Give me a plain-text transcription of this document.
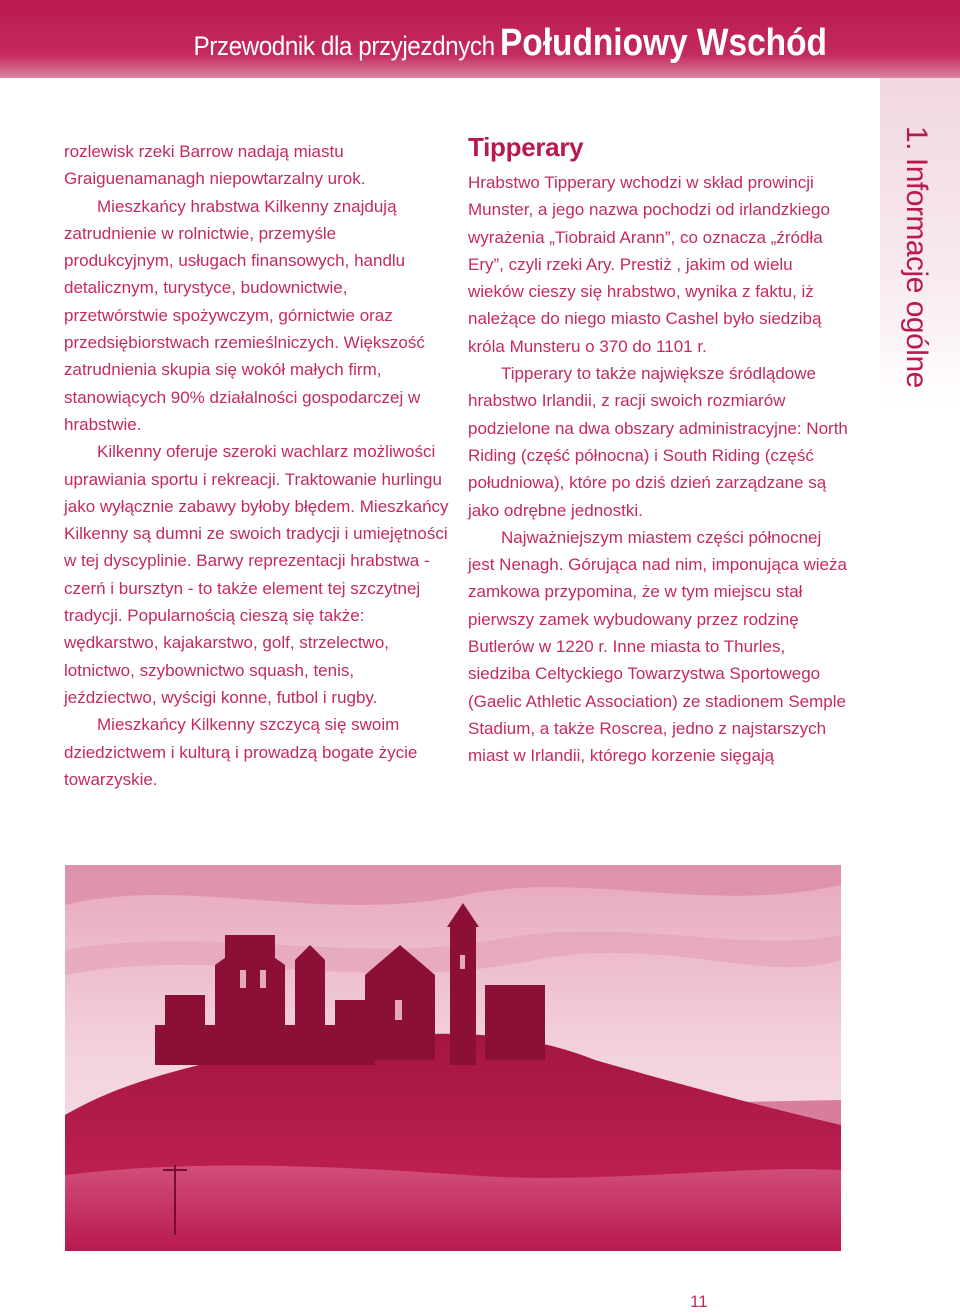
Przewodnik dla przyjezdnych Południowy Wschód
1. Informacje ogólne

rozlewisk rzeki Barrow nadają miastu Graiguenamanagh niepowtarzalny urok.

Mieszkańcy hrabstwa Kilkenny znajdują zatrudnienie w rolnictwie, przemyśle produkcyjnym, usługach finansowych, handlu detalicznym, turystyce, budownictwie, przetwórstwie spożywczym, górnictwie oraz przedsiębiorstwach rzemieślniczych. Większość zatrudnienia skupia się wokół małych firm, stanowiących 90% działalności gospodarczej w hrabstwie.

Kilkenny oferuje szeroki wachlarz możliwości uprawiania sportu i rekreacji. Traktowanie hurlingu jako wyłącznie zabawy byłoby błędem. Mieszkańcy Kilkenny są dumni ze swoich tradycji i umiejętności w tej dyscyplinie. Barwy reprezentacji hrabstwa - czerń i bursztyn - to także element tej szczytnej tradycji. Popularnością cieszą się także: wędkarstwo, kajakarstwo, golf, strzelectwo, lotnictwo, szybownictwo squash, tenis, jeździectwo, wyścigi konne, futbol i rugby.

Mieszkańcy Kilkenny szczycą się swoim dziedzictwem i kulturą i prowadzą bogate życie towarzyskie.

Tipperary

Hrabstwo Tipperary wchodzi w skład prowincji Munster, a jego nazwa pochodzi od irlandzkiego wyrażenia „Tiobraid Arann”, co oznacza „źródła Ery”, czyli rzeki Ary. Prestiż , jakim od wielu wieków cieszy się hrabstwo, wynika z faktu, iż należące do niego miasto Cashel było siedzibą króla Munsteru o 370 do 1101 r.

Tipperary to także największe śródlądowe hrabstwo Irlandii, z racji swoich rozmiarów podzielone na dwa obszary administracyjne: North Riding (część północna) i South Riding (część południowa), które po dziś dzień zarządzane są jako odrębne jednostki.

Najważniejszym miastem części północnej jest Nenagh. Górująca nad nim, imponująca wieża zamkowa przypomina, że w tym miejscu stał pierwszy zamek wybudowany przez rodzinę Butlerów w 1220 r. Inne miasta to Thurles, siedziba Celtyckiego Towarzystwa Sportowego (Gaelic Athletic Association) ze stadionem Semple Stadium, a także Roscrea, jedno z najstarszych miast w Irlandii, którego korzenie sięgają

11
